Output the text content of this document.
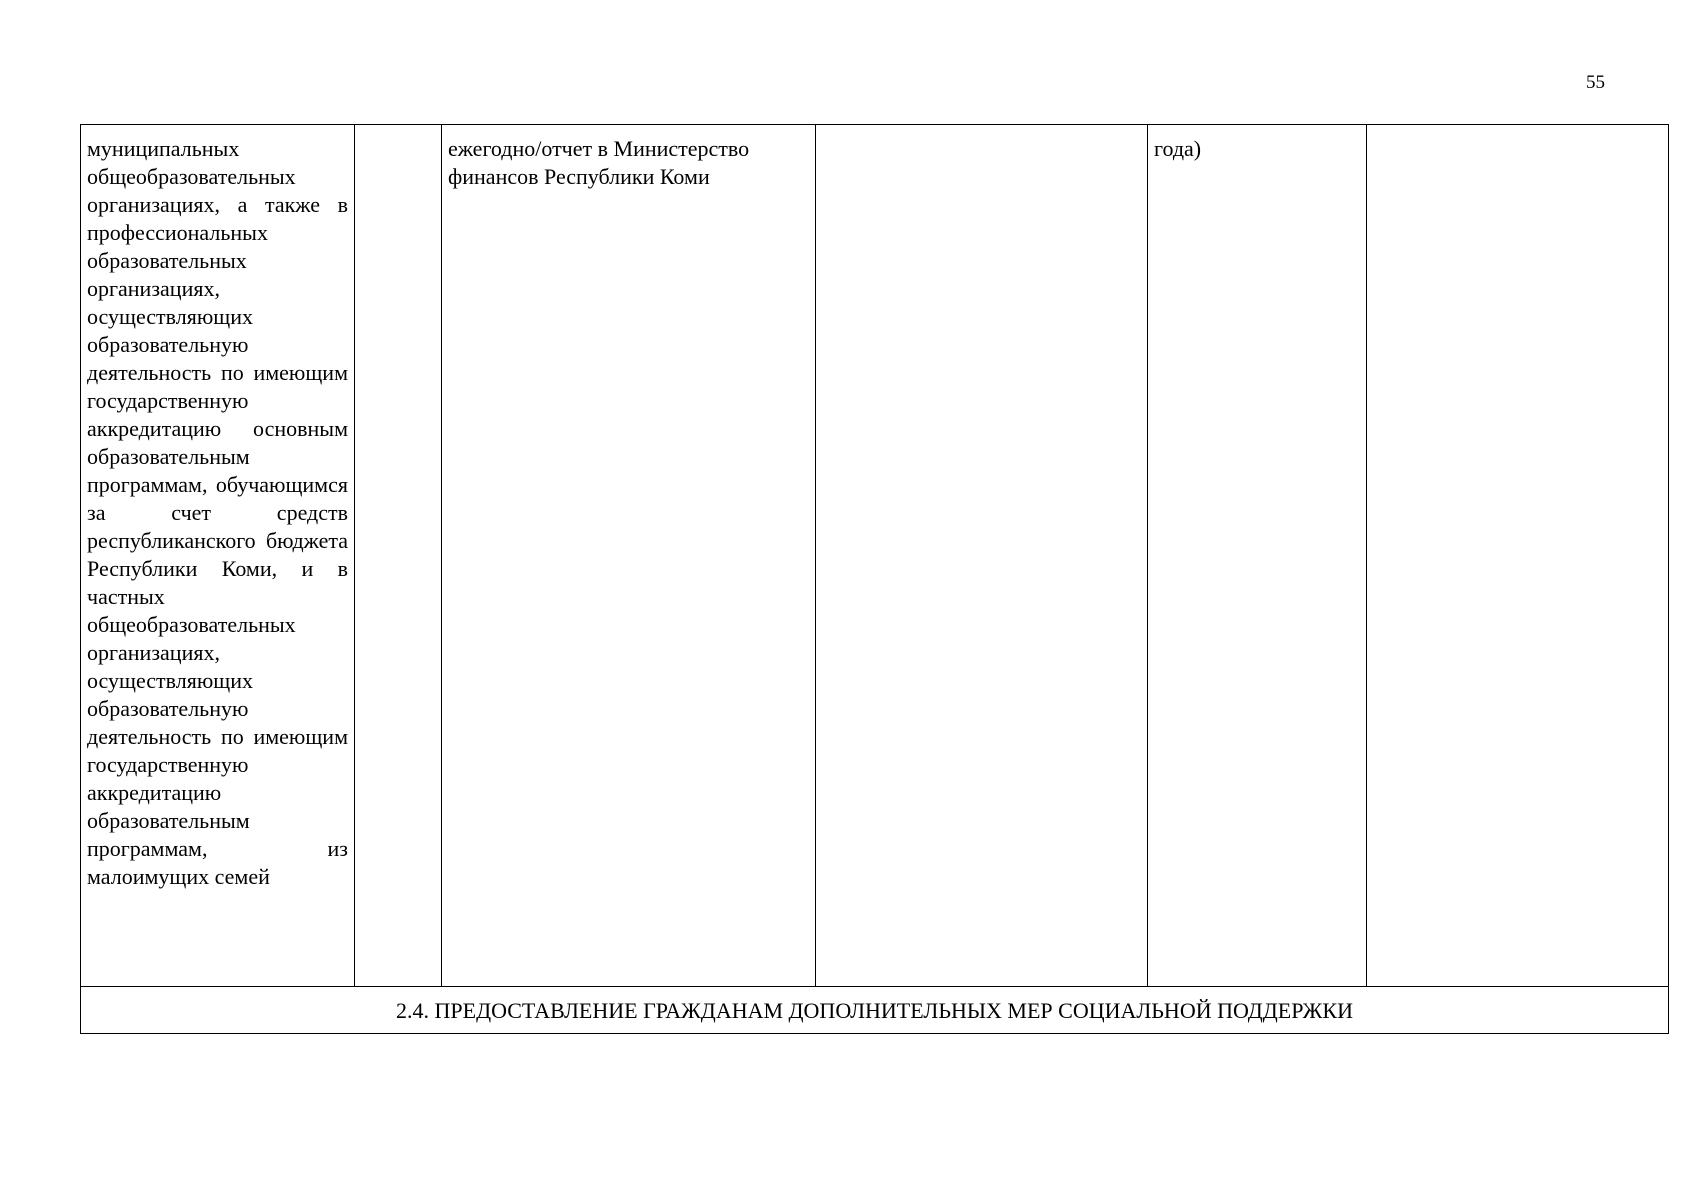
55
муниципальных общеобразовательных организациях, а также в профессиональных образовательных организациях, осуществляющих образовательную деятельность по имеющим государственную аккредитацию основным образовательным программам, обучающимся за счет средств республиканского бюджета Республики Коми, и в частных общеобразовательных организациях, осуществляющих образовательную деятельность по имеющим государственную аккредитацию образовательным программам, из малоимущих семей		ежегодно/отчет в Министерство финансов Республики Коми		года)	
2.4. ПРЕДОСТАВЛЕНИЕ ГРАЖДАНАМ ДОПОЛНИТЕЛЬНЫХ МЕР СОЦИАЛЬНОЙ ПОДДЕРЖКИ
